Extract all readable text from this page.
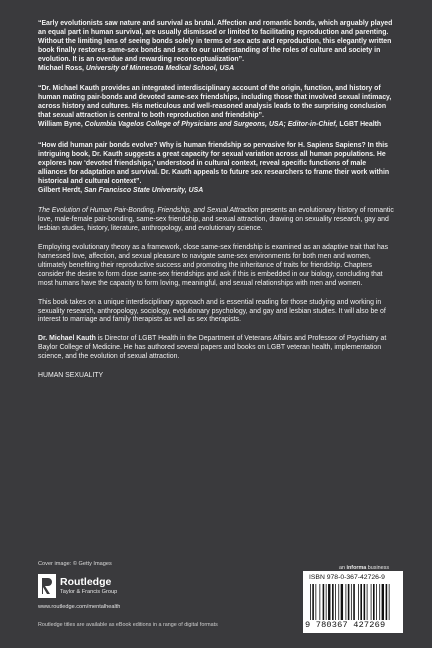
“Early evolutionists saw nature and survival as brutal. Affection and romantic bonds, which arguably played an equal part in human survival, are usually dismissed or limited to facilitating reproduction and parenting. Without the limiting lens of seeing bonds solely in terms of sex acts and reproduction, this elegantly written book finally restores same-sex bonds and sex to our understanding of the roles of culture and society in evolution. It is an overdue and rewarding reconceptualization”.
Michael Ross, University of Minnesota Medical School, USA

“Dr. Michael Kauth provides an integrated interdisciplinary account of the origin, function, and history of human mating pair-bonds and devoted same-sex friendships, including those that involved sexual intimacy, across history and cultures. His meticulous and well-reasoned analysis leads to the surprising conclusion that sexual attraction is central to both reproduction and friendship”.
William Byne, Columbia Vagelos College of Physicians and Surgeons, USA; Editor-in-Chief, LGBT Health

“How did human pair bonds evolve? Why is human friendship so pervasive for H. Sapiens Sapiens? In this intriguing book, Dr. Kauth suggests a great capacity for sexual variation across all human populations. He explores how ‘devoted friendships,’ understood in cultural context, reveal specific functions of male alliances for adaptation and survival. Dr. Kauth appeals to future sex researchers to frame their work within historical and cultural context”.
Gilbert Herdt, San Francisco State University, USA

The Evolution of Human Pair-Bonding, Friendship, and Sexual Attraction presents an evolutionary history of romantic love, male-female pair-bonding, same-sex friendship, and sexual attraction, drawing on sexuality research, gay and lesbian studies, history, literature, anthropology, and evolutionary science.

Employing evolutionary theory as a framework, close same-sex friendship is examined as an adaptive trait that has harnessed love, affection, and sexual pleasure to navigate same-sex environments for both men and women, ultimately benefiting their reproductive success and promoting the inheritance of traits for friendship. Chapters consider the desire to form close same-sex friendships and ask if this is embedded in our biology, concluding that most humans have the capacity to form loving, meaningful, and sexual relationships with men and women.

This book takes on a unique interdisciplinary approach and is essential reading for those studying and working in sexuality research, anthropology, sociology, evolutionary psychology, and gay and lesbian studies. It will also be of interest to marriage and family therapists as well as sex therapists.

Dr. Michael Kauth is Director of LGBT Health in the Department of Veterans Affairs and Professor of Psychiatry at Baylor College of Medicine. He has authored several papers and books on LGBT veteran health, implementation science, and the evolution of sexual attraction.

HUMAN SEXUALITY
Cover image: © Getty Images
an informa business
Routledge
Taylor & Francis Group
www.routledge.com/mentalhealth
ISBN 978-0-367-42726-9
9 780367 427269
Routledge titles are available as eBook editions in a range of digital formats
